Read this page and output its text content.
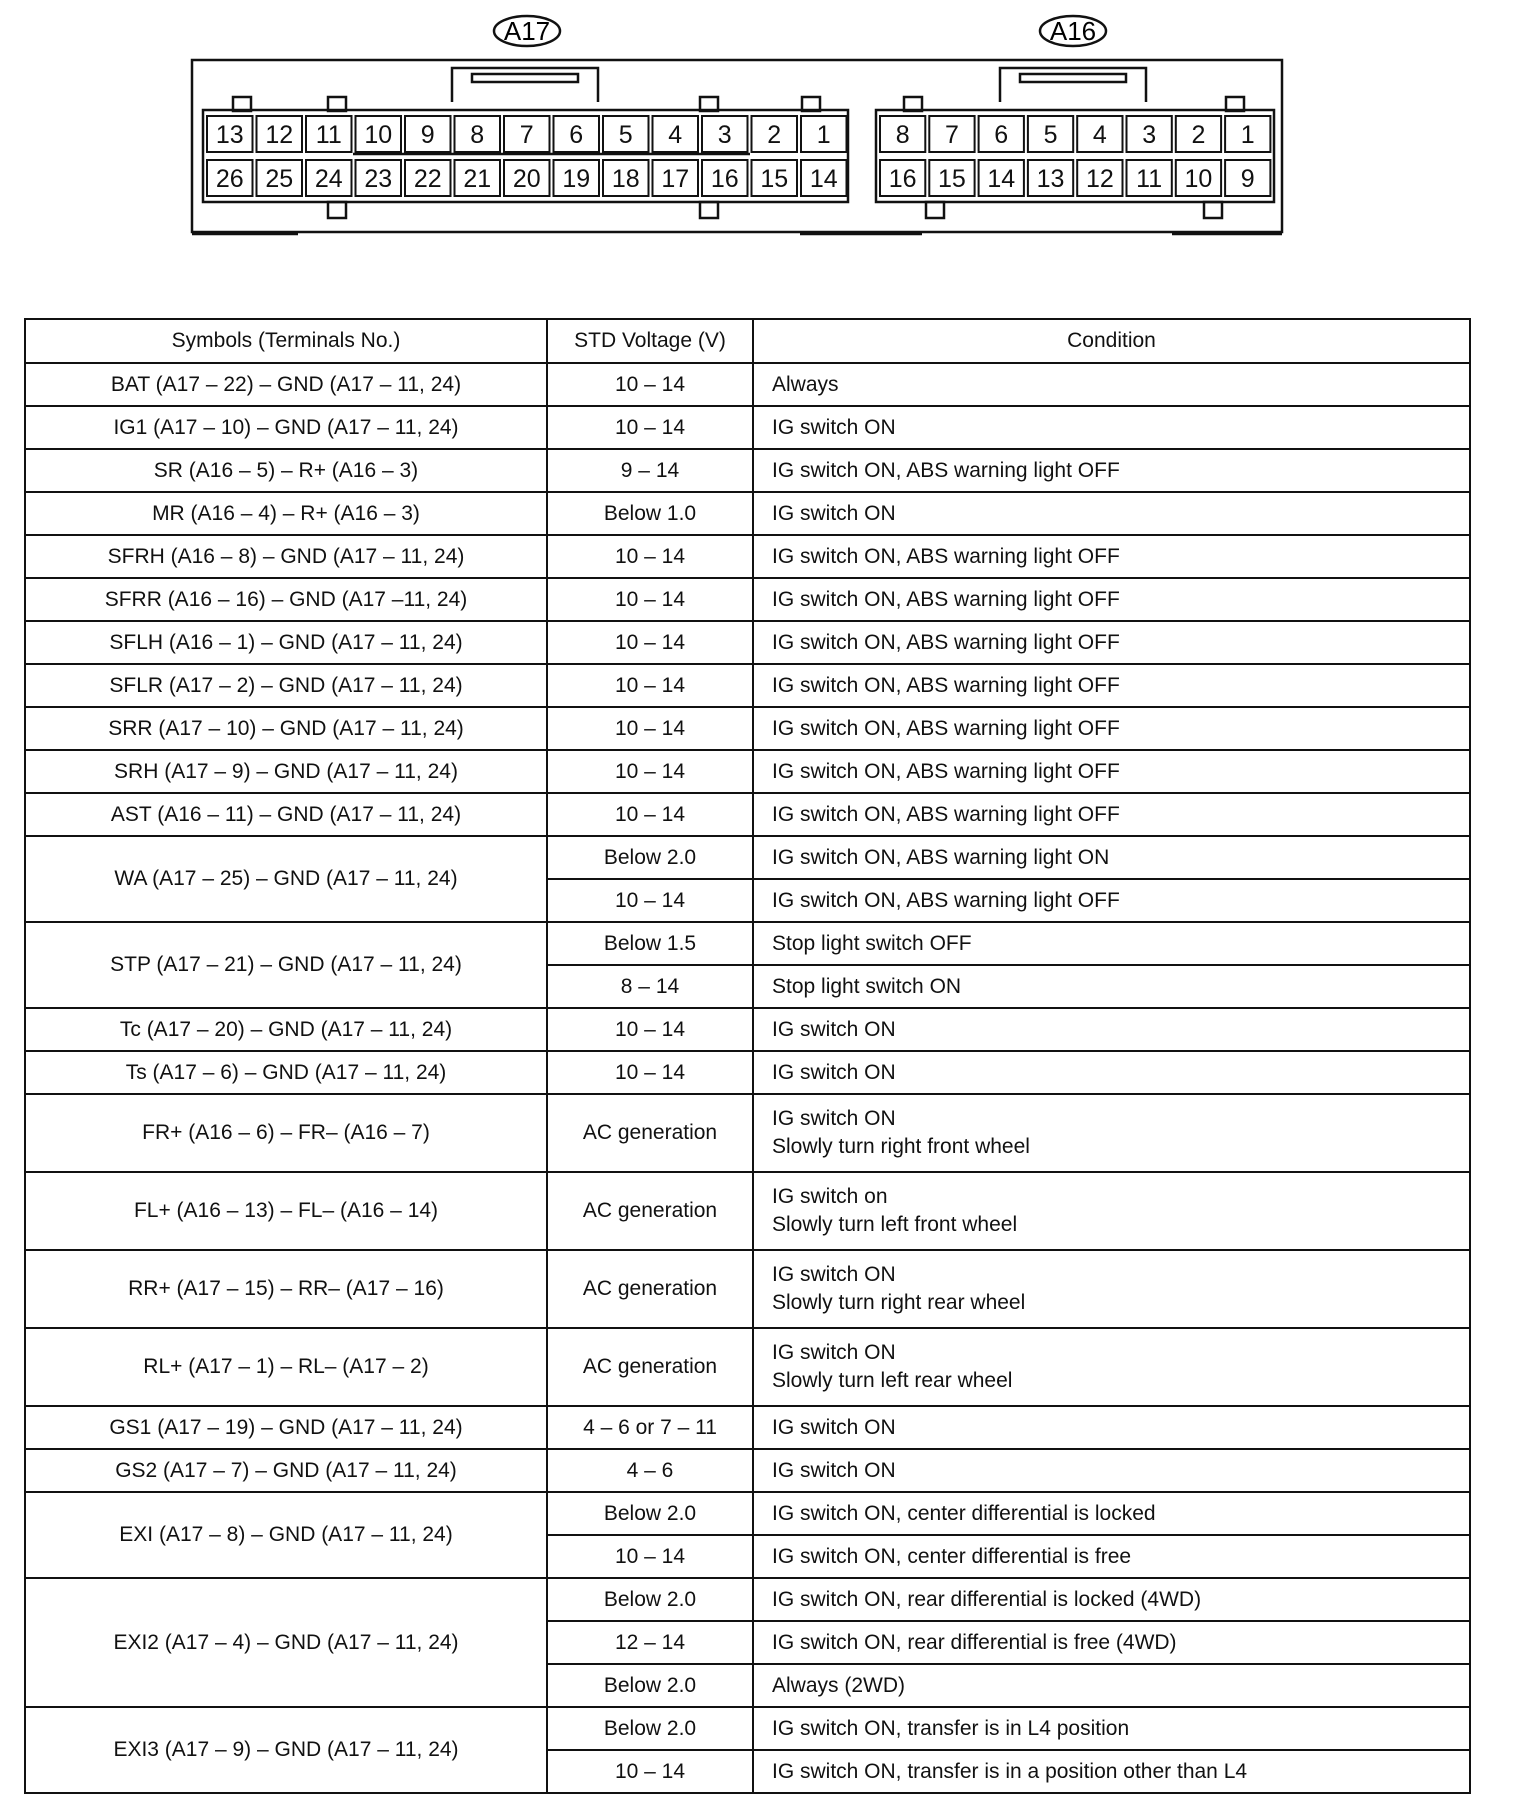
A17	A16
13 12 11 10 9 8 7 6 5 4 3 2 1
26 25 24 23 22 21 20 19 18 17 16 15 14
8 7 6 5 4 3 2 1
16 15 14 13 12 11 10 9
Symbols (Terminals No.)	STD Voltage (V)	Condition
BAT (A17 – 22) – GND (A17 – 11, 24)	10 – 14	Always

IG1 (A17 – 10) – GND (A17 – 11, 24)	10 – 14	IG switch ON

SR (A16 – 5) – R+ (A16 – 3)	9 – 14	IG switch ON, ABS warning light OFF

MR (A16 – 4) – R+ (A16 – 3)	Below 1.0	IG switch ON

SFRH (A16 – 8) – GND (A17 – 11, 24)	10 – 14	IG switch ON, ABS warning light OFF

SFRR (A16 – 16) – GND (A17 –11, 24)	10 – 14	IG switch ON, ABS warning light OFF

SFLH (A16 – 1) – GND (A17 – 11, 24)	10 – 14	IG switch ON, ABS warning light OFF

SFLR (A17 – 2) – GND (A17 – 11, 24)	10 – 14	IG switch ON, ABS warning light OFF

SRR (A17 – 10) – GND (A17 – 11, 24)	10 – 14	IG switch ON, ABS warning light OFF

SRH (A17 – 9) – GND (A17 – 11, 24)	10 – 14	IG switch ON, ABS warning light OFF

AST (A16 – 11) – GND (A17 – 11, 24)	10 – 14	IG switch ON, ABS warning light OFF

WA (A17 – 25) – GND (A17 – 11, 24)	Below 2.0	IG switch ON, ABS warning light ON

	10 – 14	IG switch ON, ABS warning light OFF

STP (A17 – 21) – GND (A17 – 11, 24)	Below 1.5	Stop light switch OFF

	8 – 14	Stop light switch ON

Tc (A17 – 20) – GND (A17 – 11, 24)	10 – 14	IG switch ON

Ts (A17 – 6) – GND (A17 – 11, 24)	10 – 14	IG switch ON

FR+ (A16 – 6) – FR– (A16 – 7)	AC generation	IG switch ON
Slowly turn right front wheel

FL+ (A16 – 13) – FL– (A16 – 14)	AC generation	IG switch on
Slowly turn left front wheel

RR+ (A17 – 15) – RR– (A17 – 16)	AC generation	IG switch ON
Slowly turn right rear wheel

RL+ (A17 – 1) – RL– (A17 – 2)	AC generation	IG switch ON
Slowly turn left rear wheel

GS1 (A17 – 19) – GND (A17 – 11, 24)	4 – 6 or 7 – 11	IG switch ON

GS2 (A17 – 7) – GND (A17 – 11, 24)	4 – 6	IG switch ON

EXI (A17 – 8) – GND (A17 – 11, 24)	Below 2.0	IG switch ON, center differential is locked

	10 – 14	IG switch ON, center differential is free

EXI2 (A17 – 4) – GND (A17 – 11, 24)	Below 2.0	IG switch ON, rear differential is locked (4WD)

	12 – 14	IG switch ON, rear differential is free (4WD)

	Below 2.0	Always (2WD)

EXI3 (A17 – 9) – GND (A17 – 11, 24)	Below 2.0	IG switch ON, transfer is in L4 position

	10 – 14	IG switch ON, transfer is in a position other than L4
